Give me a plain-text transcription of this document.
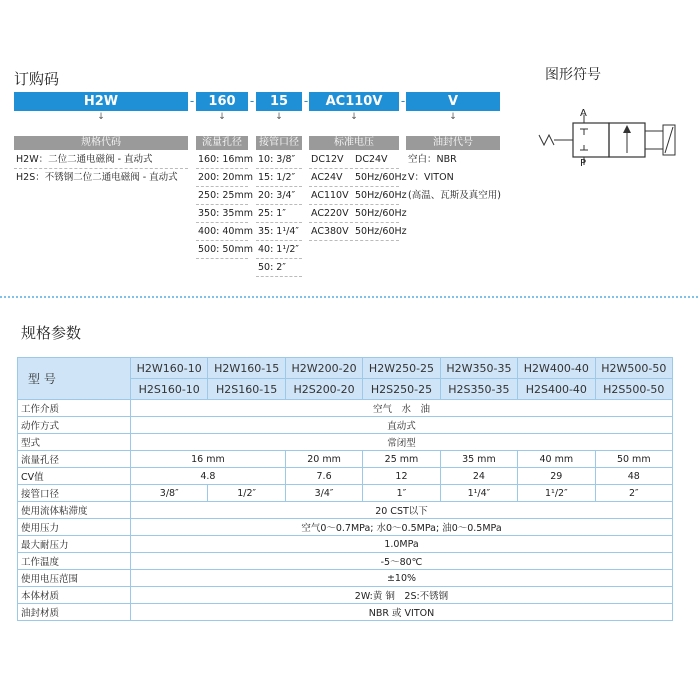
订购码
H2W	-	160	-	15	-	AC110V	-	V
↓	↓	↓	↓	↓
规格代码	流量孔径	接管口径	标准电压	油封代号
H2W：二位二通电磁阀 - 直动式
H2S：不锈钢二位二通电磁阀 - 直动式
160: 16mm
200: 20mm
250: 25mm
350: 35mm
400: 40mm
500: 50mm
10: 3/8″
15: 1/2″
20: 3/4″
25: 1″
35: 1¹/4″
40: 1¹/2″
50: 2″
DC12V DC24V
AC24V 50Hz/60Hz
AC110V 50Hz/60Hz
AC220V 50Hz/60Hz
AC380V 50Hz/60Hz
空白：NBR
V：VITON
(高温、瓦斯及真空用)
图形符号
A
P
规格参数
型 号	H2W160-10	H2W160-15	H2W200-20	H2W250-25	H2W350-35	H2W400-40	H2W500-50
	H2S160-10	H2S160-15	H2S200-20	H2S250-25	H2S350-35	H2S400-40	H2S500-50
工作介质	空气　水　油						
动作方式	直动式						
型式	常闭型						
流量孔径	16 mm		20 mm	25 mm	35 mm	40 mm	50 mm
CV值	4.8		7.6	12	24	29	48
接管口径	3/8″	1/2″	3/4″	1″	1¹/4″	1¹/2″	2″
使用流体粘滞度	20 CST以下						
使用压力	空气0～0.7MPa; 水0～0.5MPa; 油0～0.5MPa						
最大耐压力	1.0MPa						
工作温度	-5～80℃						
使用电压范围	±10%						
本体材质	2W:黄 铜　2S:不锈钢						
油封材质	NBR 或 VITON						
